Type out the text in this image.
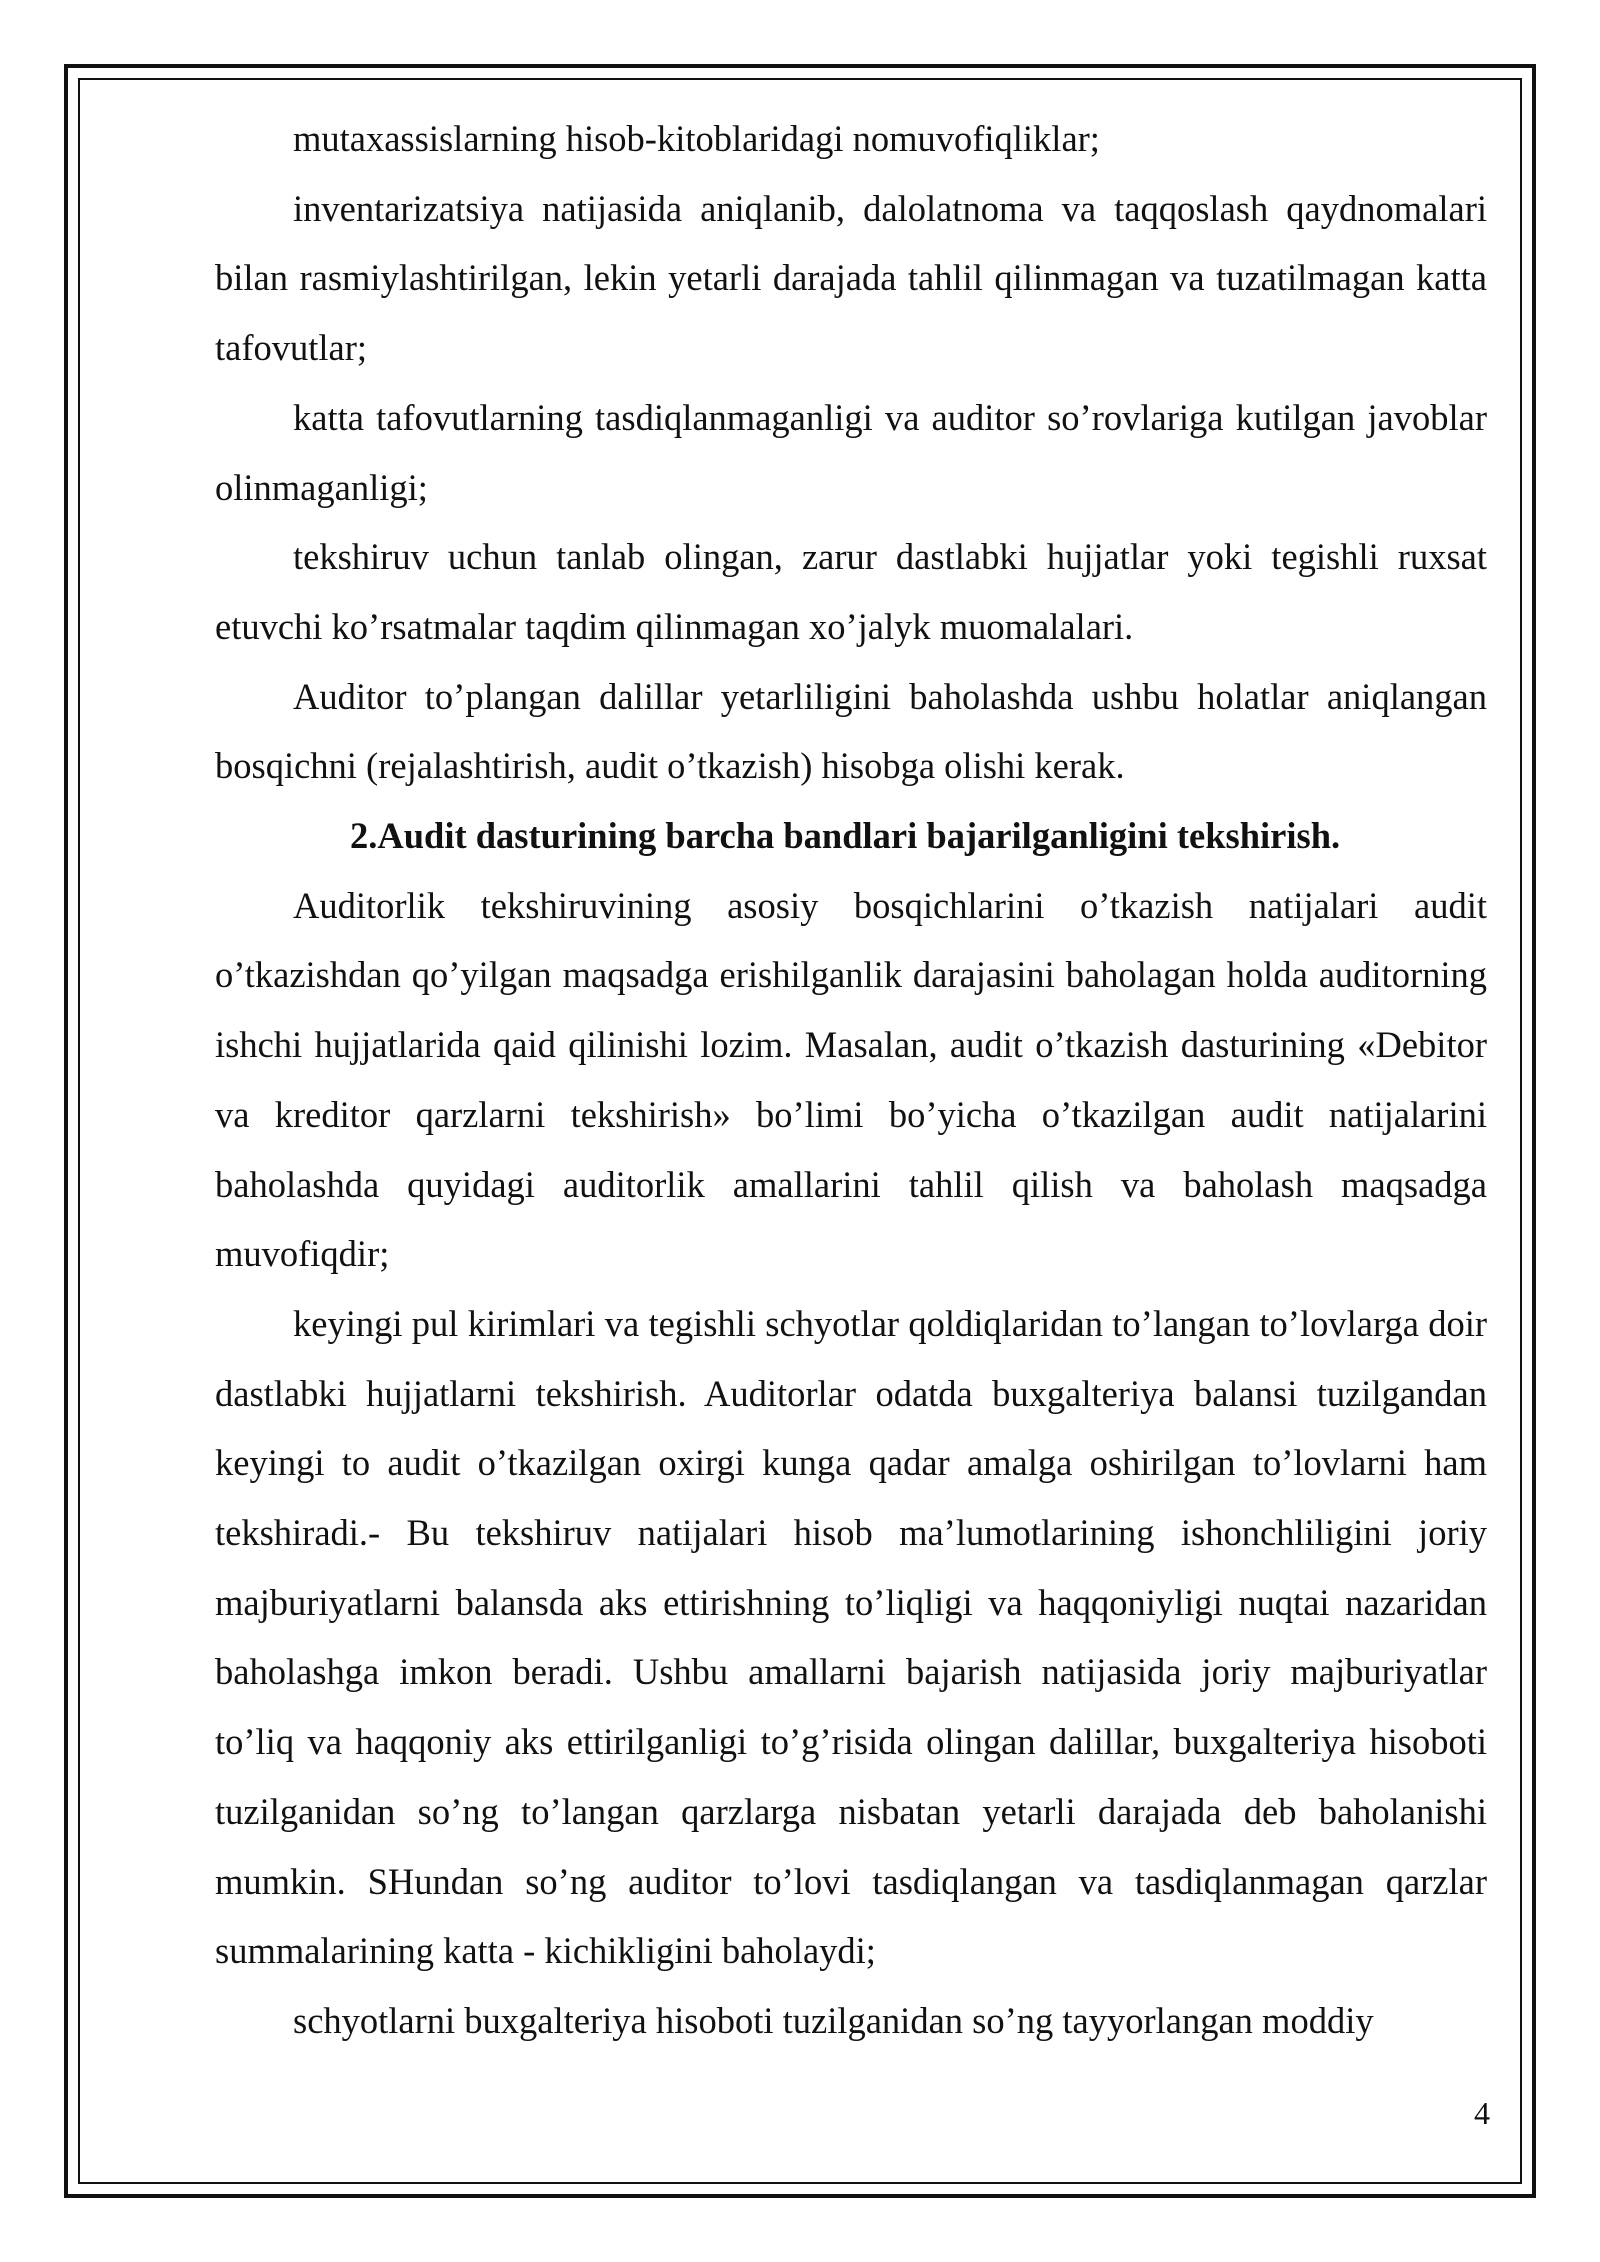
mutaxassislarning hisob-kitoblaridagi nomuvofiqliklar;

inventarizatsiya natijasida aniqlanib, dalolatnoma va taqqoslash qaydnomalari bilan rasmiylashtirilgan, lekin yetarli darajada tahlil qilinmagan va tuzatilmagan katta tafovutlar;

katta tafovutlarning tasdiqlanmaganligi va auditor so’rovlariga kutilgan javoblar olinmaganligi;

tekshiruv uchun tanlab olingan, zarur dastlabki hujjatlar yoki tegishli ruxsat etuvchi ko’rsatmalar taqdim qilinmagan xo’jalyk muomalalari.

Auditor to’plangan dalillar yetarliligini baholashda ushbu holatlar aniqlangan bosqichni (rejalashtirish, audit o’tkazish) hisobga olishi kerak.

2.Audit dasturining barcha bandlari bajarilganligini tekshirish.

Auditorlik tekshiruvining asosiy bosqichlarini o’tkazish natijalari audit o’tkazishdan qo’yilgan maqsadga erishilganlik darajasini baholagan holda auditorning ishchi hujjatlarida qaid qilinishi lozim. Masalan, audit o’tkazish dasturining «Debitor va kreditor qarzlarni tekshirish» bo’limi bo’yicha o’tkazilgan audit natijalarini baholashda quyidagi auditorlik amallarini tahlil qilish va baholash maqsadga muvofiqdir;

keyingi pul kirimlari va tegishli schyotlar qoldiqlaridan to’langan to’lovlarga doir dastlabki hujjatlarni tekshirish. Auditorlar odatda buxgalteriya balansi tuzilgandan keyingi to audit o’tkazilgan oxirgi kunga qadar amalga oshirilgan to’lovlarni ham tekshiradi.- Bu tekshiruv natijalari hisob ma’lumotlarining ishonchliligini joriy majburiyatlarni balansda aks ettirishning to’liqligi va haqqoniyligi nuqtai nazaridan baholashga imkon beradi. Ushbu amallarni bajarish natijasida joriy majburiyatlar to’liq va haqqoniy aks ettirilganligi to’g’risida olingan dalillar, buxgalteriya hisoboti tuzilganidan so’ng to’langan qarzlarga nisbatan yetarli darajada deb baholanishi mumkin. SHundan so’ng auditor to’lovi tasdiqlangan va tasdiqlanmagan qarzlar summalarining katta - kichikligini baholaydi;

schyotlarni buxgalteriya hisoboti tuzilganidan so’ng tayyorlangan moddiy

4
